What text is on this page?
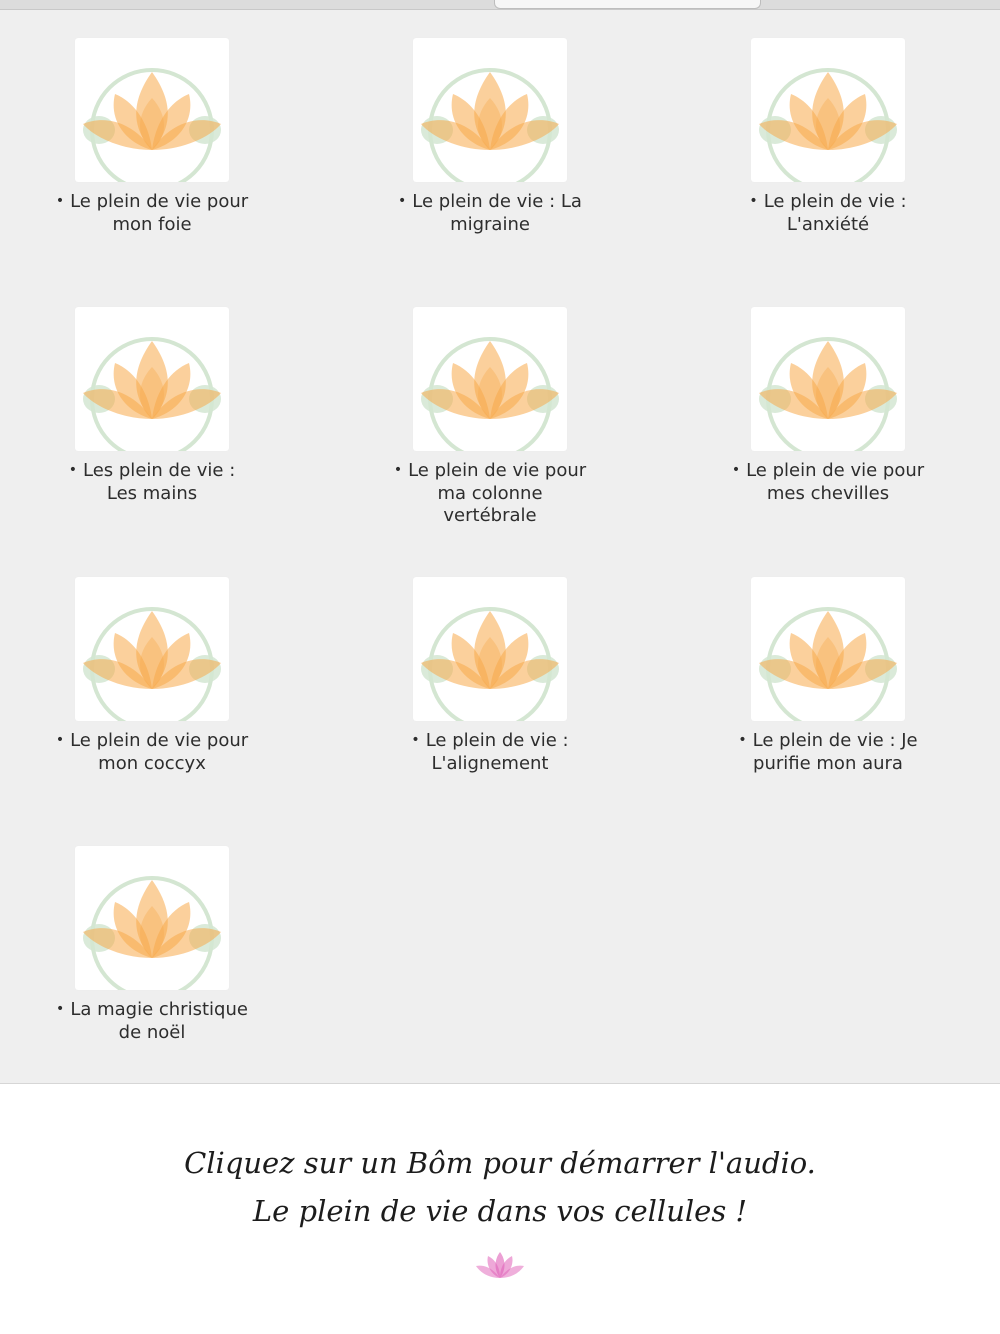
• Le plein de vie pour mon foie
• Le plein de vie : La migraine
• Le plein de vie : L'anxiété
• Les plein de vie : Les mains
• Le plein de vie pour ma colonne vertébrale
• Le plein de vie pour mes chevilles
• Le plein de vie pour mon coccyx
• Le plein de vie : L'alignement
• Le plein de vie : Je purifie mon aura
• La magie christique de noël
Cliquez sur un Bôm pour démarrer l'audio.
Le plein de vie dans vos cellules !
